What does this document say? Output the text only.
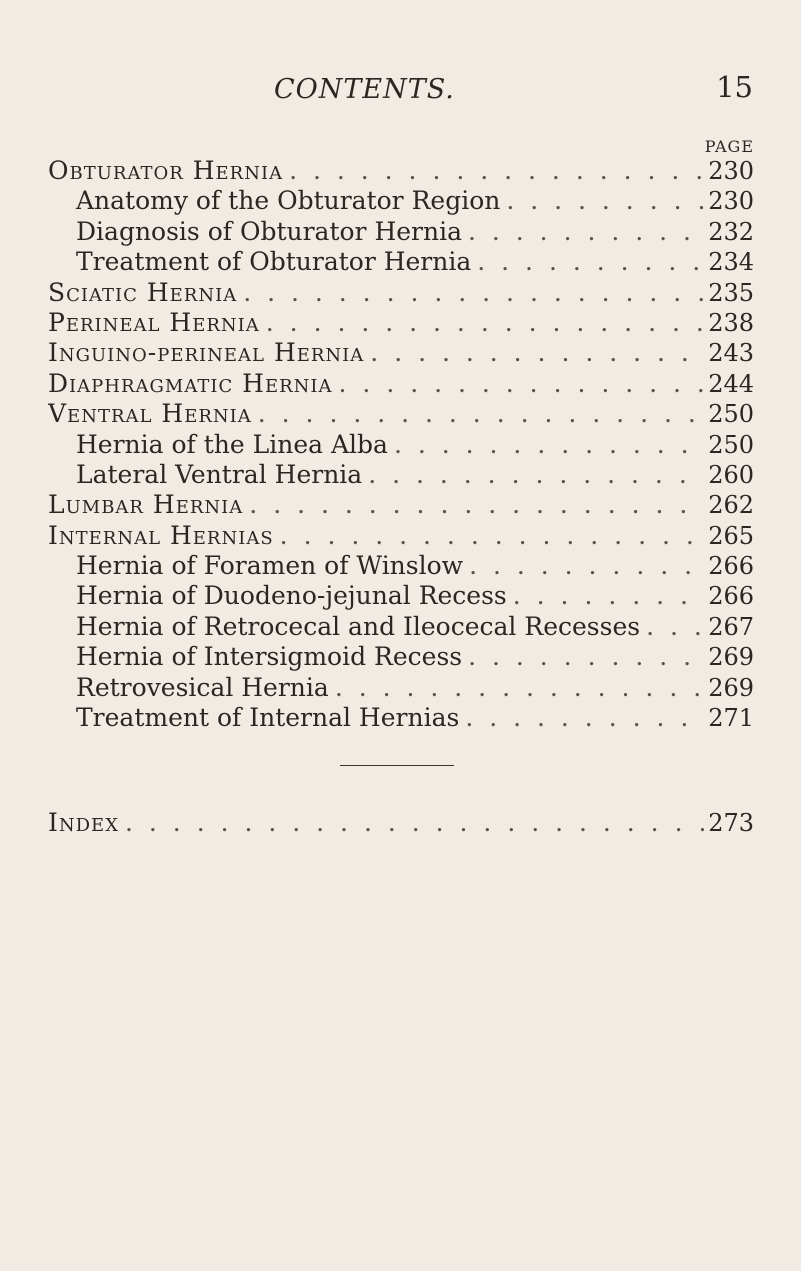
CONTENTS.	15
PAGE
Obturator Hernia . . .	230
Anatomy of the Obturator Region . . .	230
Diagnosis of Obturator Hernia . . .	232
Treatment of Obturator Hernia . . .	234
Sciatic Hernia . . .	235
Perineal Hernia . . .	238
Inguino-perineal Hernia . . .	243
Diaphragmatic Hernia . . .	244
Ventral Hernia . . .	250
Hernia of the Linea Alba . . .	250
Lateral Ventral Hernia . . .	260
Lumbar Hernia . . .	262
Internal Hernias . . .	265
Hernia of Foramen of Winslow . . .	266
Hernia of Duodeno-jejunal Recess . . .	266
Hernia of Retrocecal and Ileocecal Recesses . . .	267
Hernia of Intersigmoid Recess . . .	269
Retrovesical Hernia . . .	269
Treatment of Internal Hernias . . .	271
Index . . .	273
